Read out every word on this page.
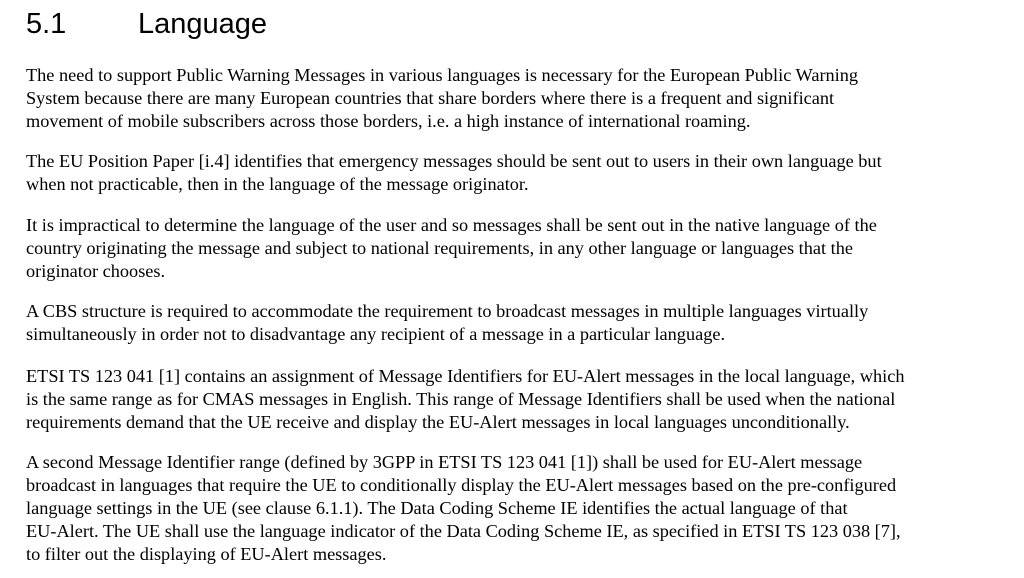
5.1 Language

The need to support Public Warning Messages in various languages is necessary for the European Public Warning
System because there are many European countries that share borders where there is a frequent and significant
movement of mobile subscribers across those borders, i.e. a high instance of international roaming.

The EU Position Paper [i.4] identifies that emergency messages should be sent out to users in their own language but
when not practicable, then in the language of the message originator.

It is impractical to determine the language of the user and so messages shall be sent out in the native language of the
country originating the message and subject to national requirements, in any other language or languages that the
originator chooses.

A CBS structure is required to accommodate the requirement to broadcast messages in multiple languages virtually
simultaneously in order not to disadvantage any recipient of a message in a particular language.

ETSI TS 123 041 [1] contains an assignment of Message Identifiers for EU-Alert messages in the local language, which
is the same range as for CMAS messages in English. This range of Message Identifiers shall be used when the national
requirements demand that the UE receive and display the EU-Alert messages in local languages unconditionally.

A second Message Identifier range (defined by 3GPP in ETSI TS 123 041 [1]) shall be used for EU-Alert message
broadcast in languages that require the UE to conditionally display the EU-Alert messages based on the pre-configured
language settings in the UE (see clause 6.1.1). The Data Coding Scheme IE identifies the actual language of that
EU-Alert. The UE shall use the language indicator of the Data Coding Scheme IE, as specified in ETSI TS 123 038 [7],
to filter out the displaying of EU-Alert messages.
